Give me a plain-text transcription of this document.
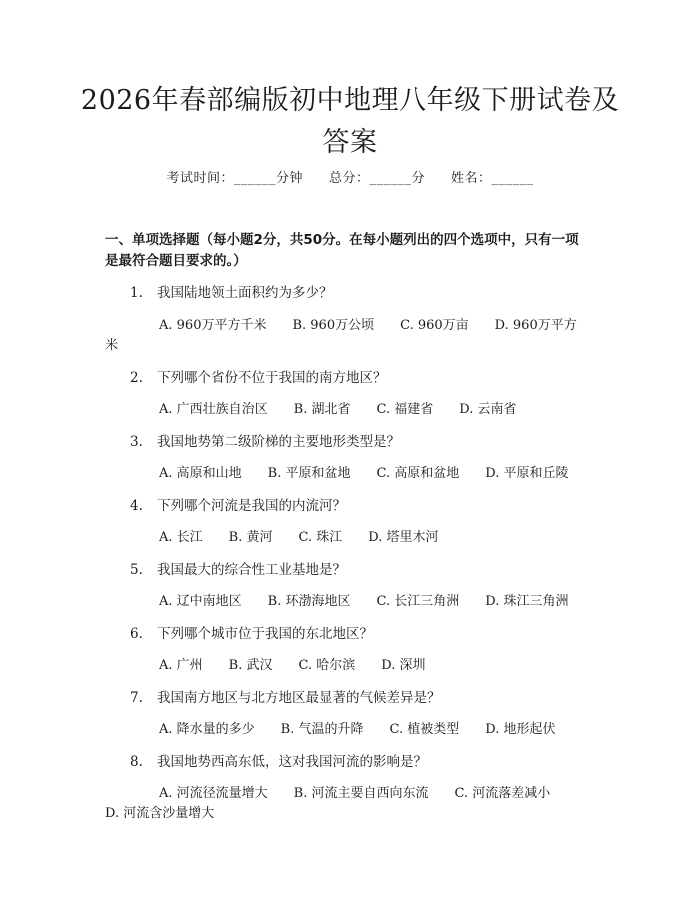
2026年春部编版初中地理八年级下册试卷及
答案
考试时间：______分钟 总分：______分 姓名：______
一、单项选择题（每小题2分，共50分。在每小题列出的四个选项中，只有一项
是最符合题目要求的。）
1. 我国陆地领土面积约为多少？
A. 960万平方千米 B. 960万公顷 C. 960万亩 D. 960万平方
米
2. 下列哪个省份不位于我国的南方地区？
A. 广西壮族自治区 B. 湖北省 C. 福建省 D. 云南省
3. 我国地势第二级阶梯的主要地形类型是？
A. 高原和山地 B. 平原和盆地 C. 高原和盆地 D. 平原和丘陵
4. 下列哪个河流是我国的内流河？
A. 长江 B. 黄河 C. 珠江 D. 塔里木河
5. 我国最大的综合性工业基地是？
A. 辽中南地区 B. 环渤海地区 C. 长江三角洲 D. 珠江三角洲
6. 下列哪个城市位于我国的东北地区？
A. 广州 B. 武汉 C. 哈尔滨 D. 深圳
7. 我国南方地区与北方地区最显著的气候差异是？
A. 降水量的多少 B. 气温的升降 C. 植被类型 D. 地形起伏
8. 我国地势西高东低，这对我国河流的影响是？
A. 河流径流量增大 B. 河流主要自西向东流 C. 河流落差减小
D. 河流含沙量增大
